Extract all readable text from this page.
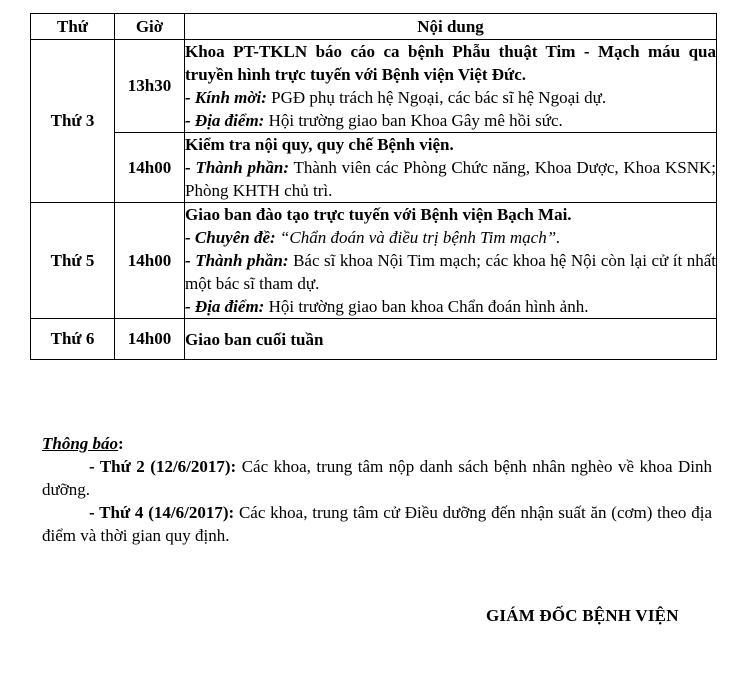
Thứ	Giờ	Nội dung
Thứ 3	13h30	Khoa PT-TKLN báo cáo ca bệnh Phẫu thuật Tim - Mạch máu qua truyền hình trực tuyến với Bệnh viện Việt Đức.
- Kính mời: PGĐ phụ trách hệ Ngoại, các bác sĩ hệ Ngoại dự.
- Địa điểm: Hội trường giao ban Khoa Gây mê hồi sức.

	14h00	Kiểm tra nội quy, quy chế Bệnh viện.
- Thành phần: Thành viên các Phòng Chức năng, Khoa Dược, Khoa KSNK; Phòng KHTH chủ trì.

Thứ 5	14h00	Giao ban đào tạo trực tuyến với Bệnh viện Bạch Mai.
- Chuyên đề: “Chẩn đoán và điều trị bệnh Tim mạch”.
- Thành phần: Bác sĩ khoa Nội Tim mạch; các khoa hệ Nội còn lại cử ít nhất một bác sĩ tham dự.
- Địa điểm: Hội trường giao ban khoa Chẩn đoán hình ảnh.

Thứ 6	14h00	Giao ban cuối tuần
Thông báo:
- Thứ 2 (12/6/2017): Các khoa, trung tâm nộp danh sách bệnh nhân nghèo về khoa Dinh dưỡng.
- Thứ 4 (14/6/2017): Các khoa, trung tâm cử Điều dưỡng đến nhận suất ăn (cơm) theo địa điểm và thời gian quy định.
GIÁM ĐỐC BỆNH VIỆN
